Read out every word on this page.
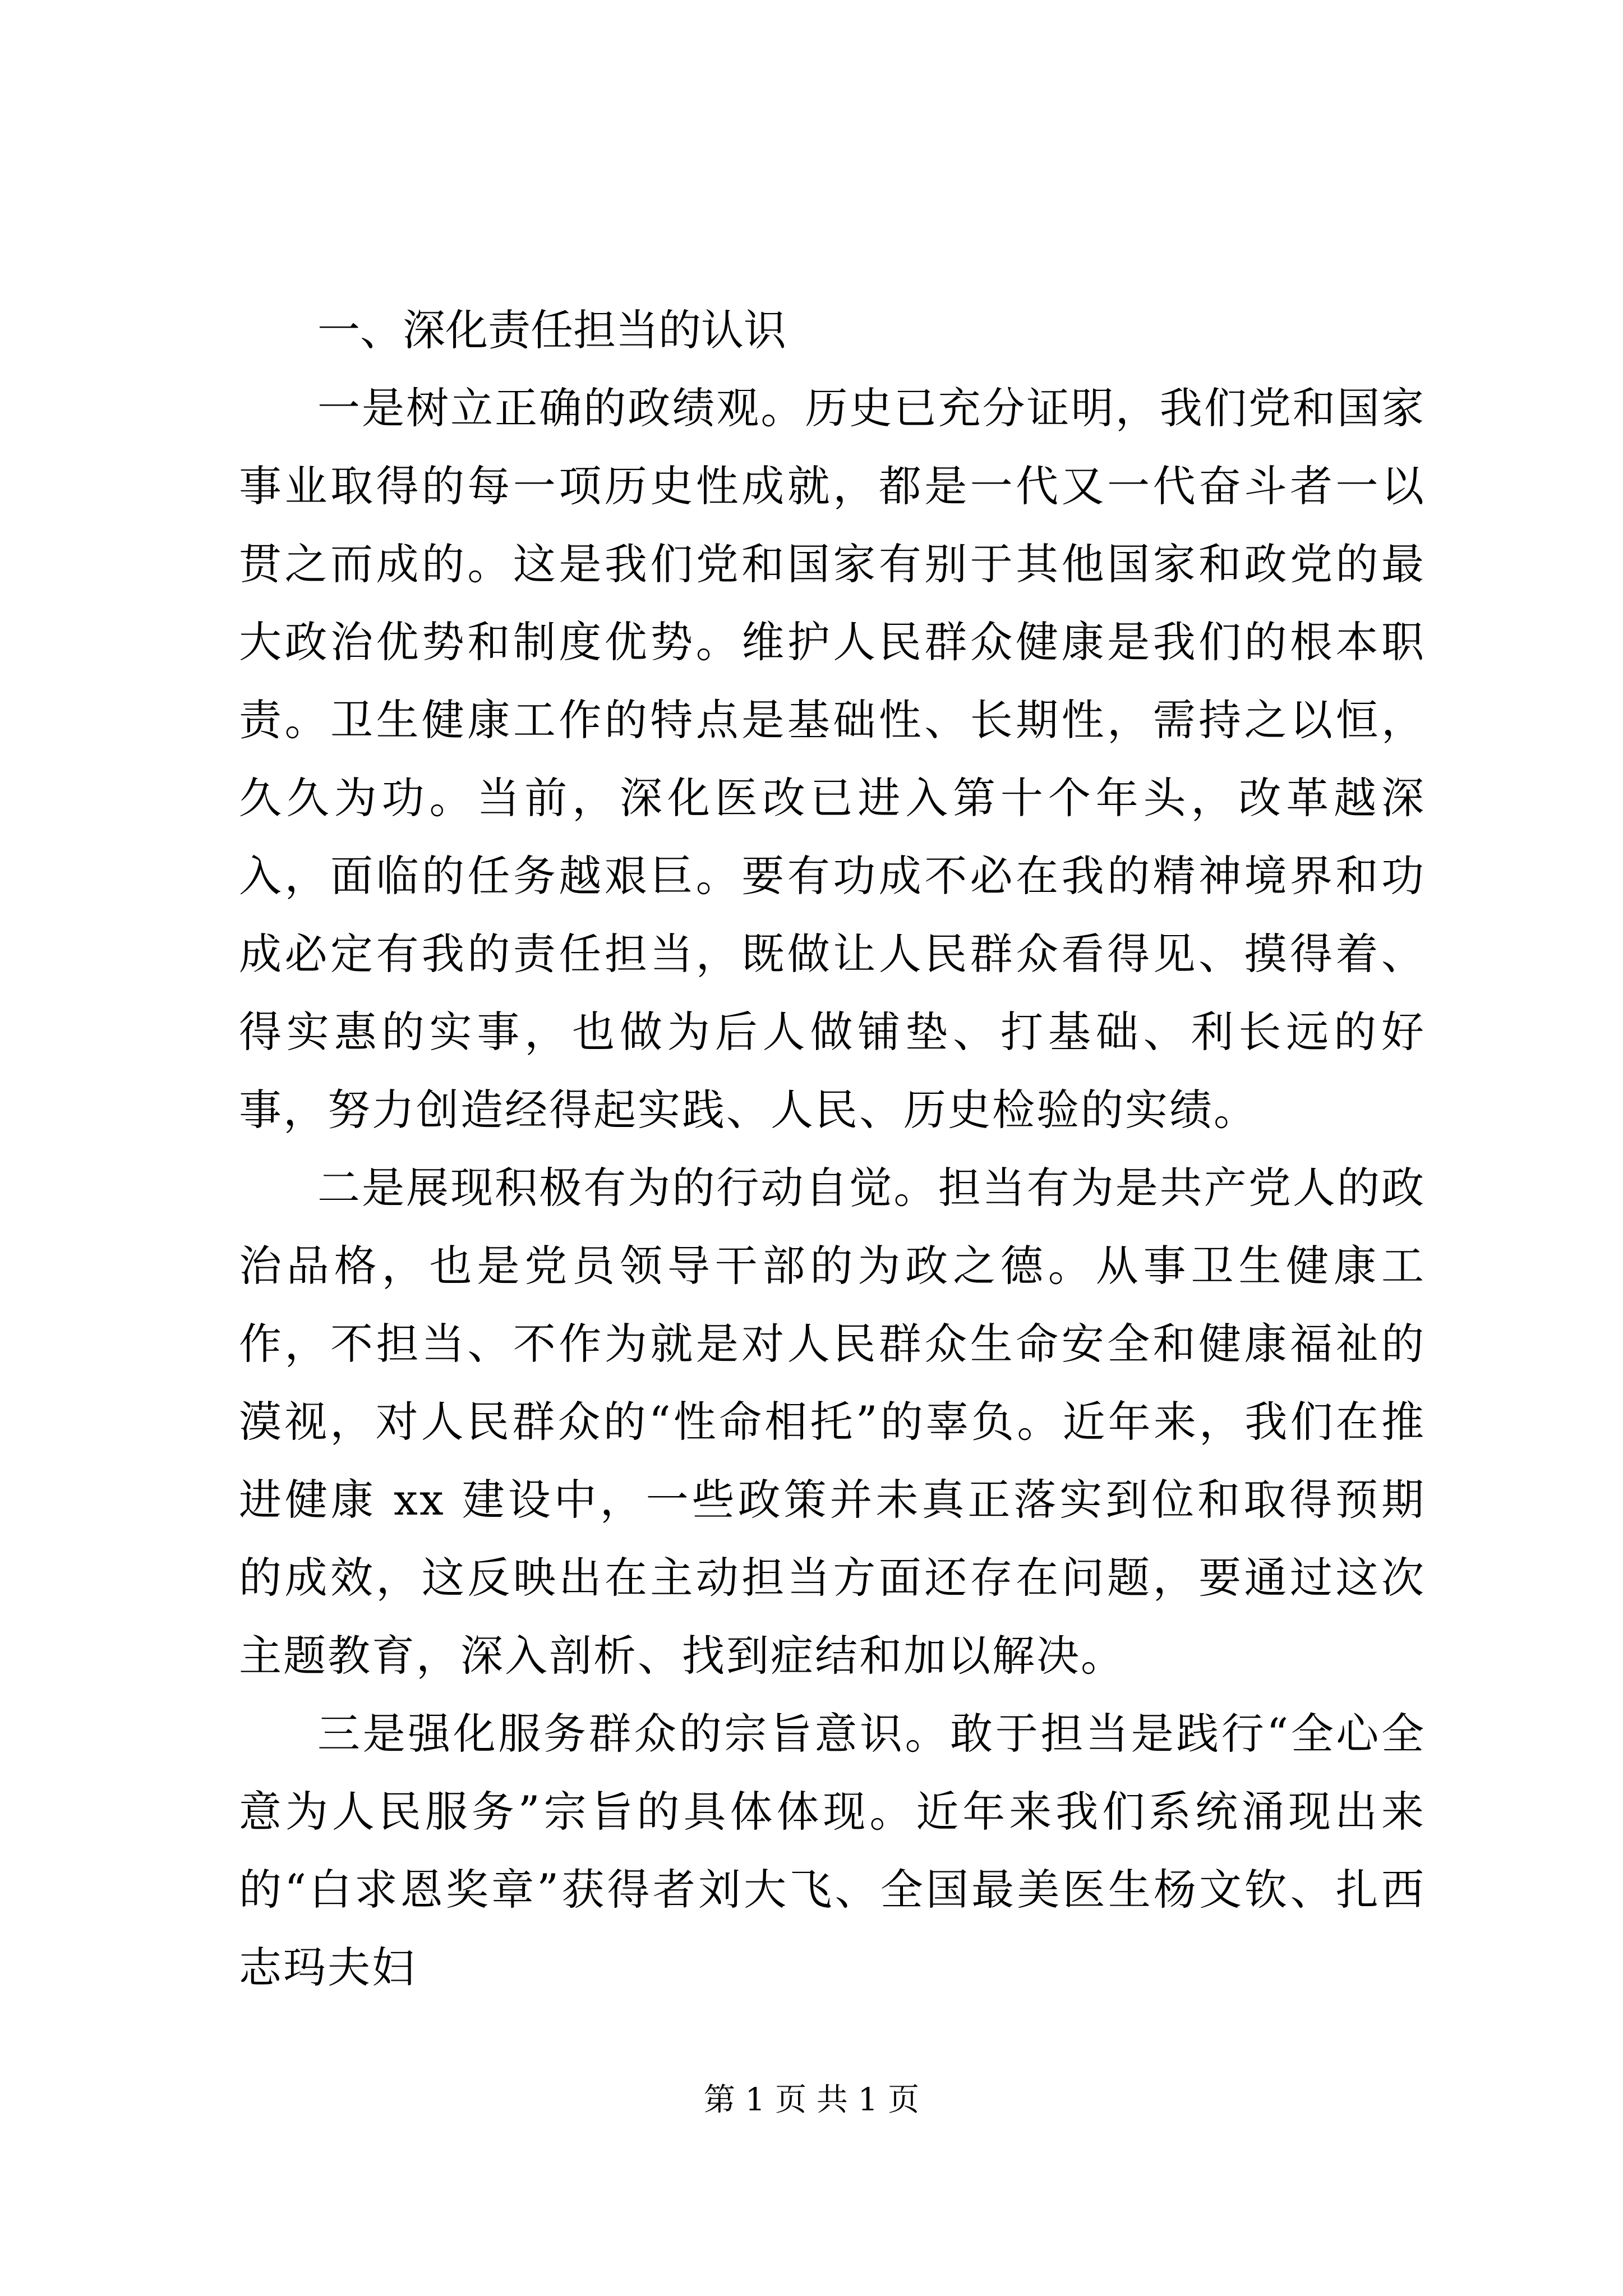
一、深化责任担当的认识

一是树立正确的政绩观。历史已充分证明，我们党和国家事业取得的每一项历史性成就，都是一代又一代奋斗者一以贯之而成的。这是我们党和国家有别于其他国家和政党的最大政治优势和制度优势。维护人民群众健康是我们的根本职责。卫生健康工作的特点是基础性、长期性，需持之以恒，久久为功。当前，深化医改已进入第十个年头，改革越深入，面临的任务越艰巨。要有功成不必在我的精神境界和功成必定有我的责任担当，既做让人民群众看得见、摸得着、得实惠的实事，也做为后人做铺垫、打基础、利长远的好事，努力创造经得起实践、人民、历史检验的实绩。

二是展现积极有为的行动自觉。担当有为是共产党人的政治品格，也是党员领导干部的为政之德。从事卫生健康工作，不担当、不作为就是对人民群众生命安全和健康福祉的漠视，对人民群众的“性命相托”的辜负。近年来，我们在推进健康 xx 建设中，一些政策并未真正落实到位和取得预期的成效，这反映出在主动担当方面还存在问题，要通过这次主题教育，深入剖析、找到症结和加以解决。

三是强化服务群众的宗旨意识。敢于担当是践行“全心全意为人民服务”宗旨的具体体现。近年来我们系统涌现出来的“白求恩奖章”获得者刘大飞、全国最美医生杨文钦、扎西志玛夫妇

第 1 页 共 1 页
